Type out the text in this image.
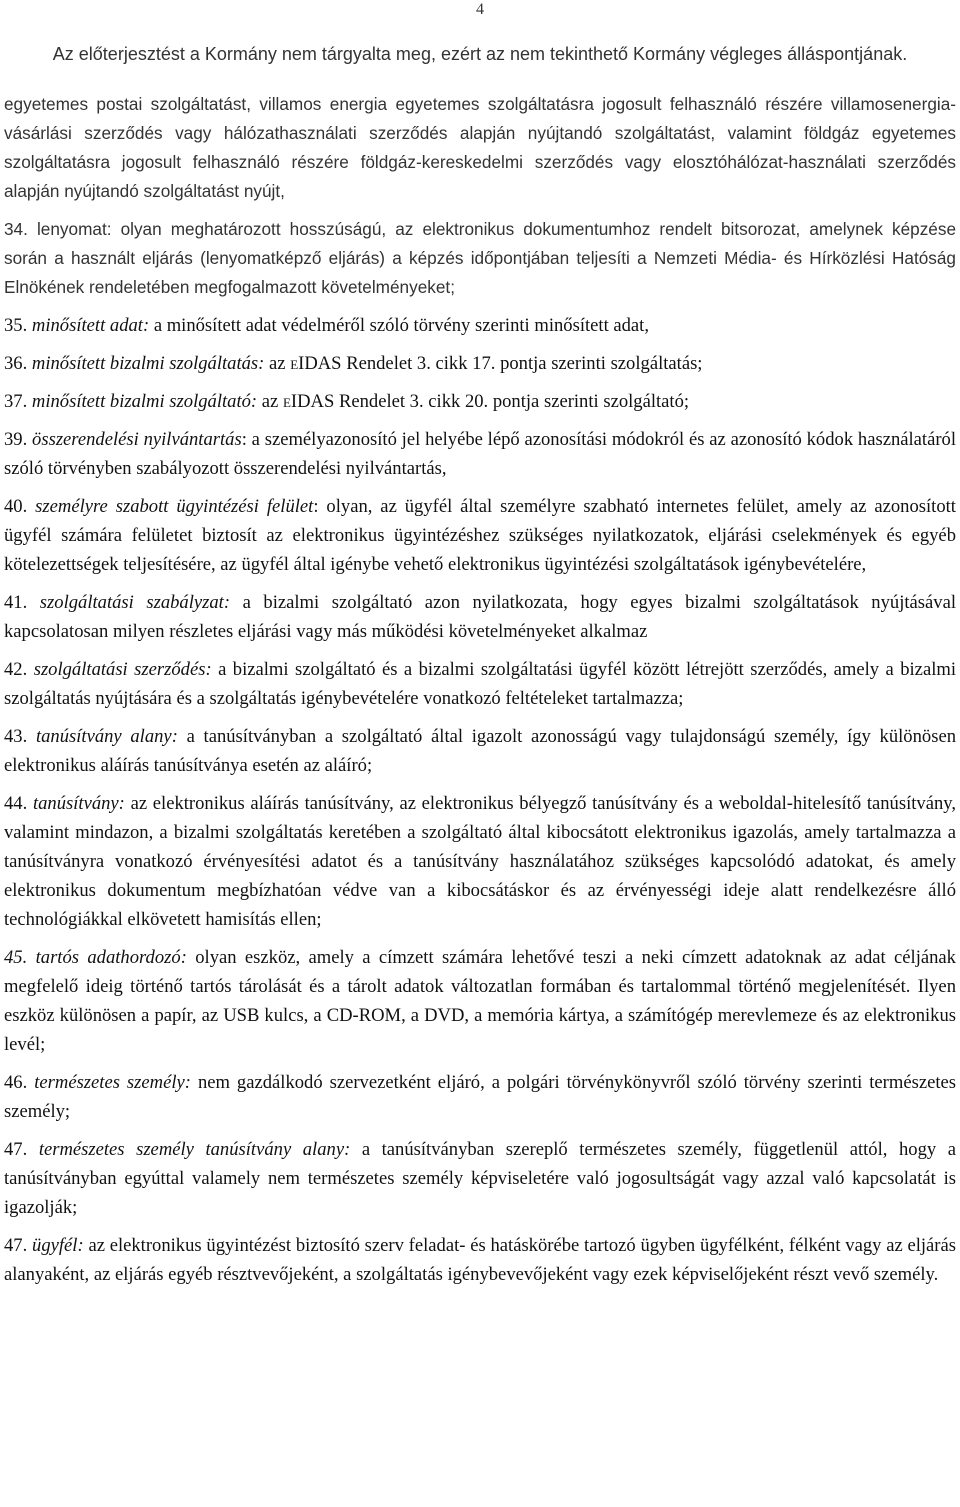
4
Az előterjesztést a Kormány nem tárgyalta meg, ezért az nem tekinthető Kormány végleges álláspontjának.

egyetemes postai szolgáltatást, villamos energia egyetemes szolgáltatásra jogosult felhasználó részére villamosenergia-vásárlási szerződés vagy hálózathasználati szerződés alapján nyújtandó szolgáltatást, valamint földgáz egyetemes szolgáltatásra jogosult felhasználó részére földgáz-kereskedelmi szerződés vagy elosztóhálózat-használati szerződés alapján nyújtandó szolgáltatást nyújt,

34. lenyomat: olyan meghatározott hosszúságú, az elektronikus dokumentumhoz rendelt bitsorozat, amelynek képzése során a használt eljárás (lenyomatképző eljárás) a képzés időpontjában teljesíti a Nemzeti Média- és Hírközlési Hatóság Elnökének rendeletében megfogalmazott követelményeket;

35. minősített adat: a minősített adat védelméről szóló törvény szerinti minősített adat,

36. minősített bizalmi szolgáltatás: az eIDAS Rendelet 3. cikk 17. pontja szerinti szolgáltatás;

37. minősített bizalmi szolgáltató: az eIDAS Rendelet 3. cikk 20. pontja szerinti szolgáltató;

39. összerendelési nyilvántartás: a személyazonosító jel helyébe lépő azonosítási módokról és az azonosító kódok használatáról szóló törvényben szabályozott összerendelési nyilvántartás,

40. személyre szabott ügyintézési felület: olyan, az ügyfél által személyre szabható internetes felület, amely az azonosított ügyfél számára felületet biztosít az elektronikus ügyintézéshez szükséges nyilatkozatok, eljárási cselekmények és egyéb kötelezettségek teljesítésére, az ügyfél által igénybe vehető elektronikus ügyintézési szolgáltatások igénybevételére,

41. szolgáltatási szabályzat: a bizalmi szolgáltató azon nyilatkozata, hogy egyes bizalmi szolgáltatások nyújtásával kapcsolatosan milyen részletes eljárási vagy más működési követelményeket alkalmaz

42. szolgáltatási szerződés: a bizalmi szolgáltató és a bizalmi szolgáltatási ügyfél között létrejött szerződés, amely a bizalmi szolgáltatás nyújtására és a szolgáltatás igénybevételére vonatkozó feltételeket tartalmazza;

43. tanúsítvány alany: a tanúsítványban a szolgáltató által igazolt azonosságú vagy tulajdonságú személy, így különösen elektronikus aláírás tanúsítványa esetén az aláíró;

44. tanúsítvány: az elektronikus aláírás tanúsítvány, az elektronikus bélyegző tanúsítvány és a weboldal-hitelesítő tanúsítvány, valamint mindazon, a bizalmi szolgáltatás keretében a szolgáltató által kibocsátott elektronikus igazolás, amely tartalmazza a tanúsítványra vonatkozó érvényesítési adatot és a tanúsítvány használatához szükséges kapcsolódó adatokat, és amely elektronikus dokumentum megbízhatóan védve van a kibocsátáskor és az érvényességi ideje alatt rendelkezésre álló technológiákkal elkövetett hamisítás ellen;

45. tartós adathordozó: olyan eszköz, amely a címzett számára lehetővé teszi a neki címzett adatoknak az adat céljának megfelelő ideig történő tartós tárolását és a tárolt adatok változatlan formában és tartalommal történő megjelenítését. Ilyen eszköz különösen a papír, az USB kulcs, a CD-ROM, a DVD, a memória kártya, a számítógép merevlemeze és az elektronikus levél;

46. természetes személy: nem gazdálkodó szervezetként eljáró, a polgári törvénykönyvről szóló törvény szerinti természetes személy;

47. természetes személy tanúsítvány alany: a tanúsítványban szereplő természetes személy, függetlenül attól, hogy a tanúsítványban egyúttal valamely nem természetes személy képviseletére való jogosultságát vagy azzal való kapcsolatát is igazolják;

47. ügyfél: az elektronikus ügyintézést biztosító szerv feladat- és hatáskörébe tartozó ügyben ügyfélként, félként vagy az eljárás alanyaként, az eljárás egyéb résztvevőjeként, a szolgáltatás igénybevevőjeként vagy ezek képviselőjeként részt vevő személy.
